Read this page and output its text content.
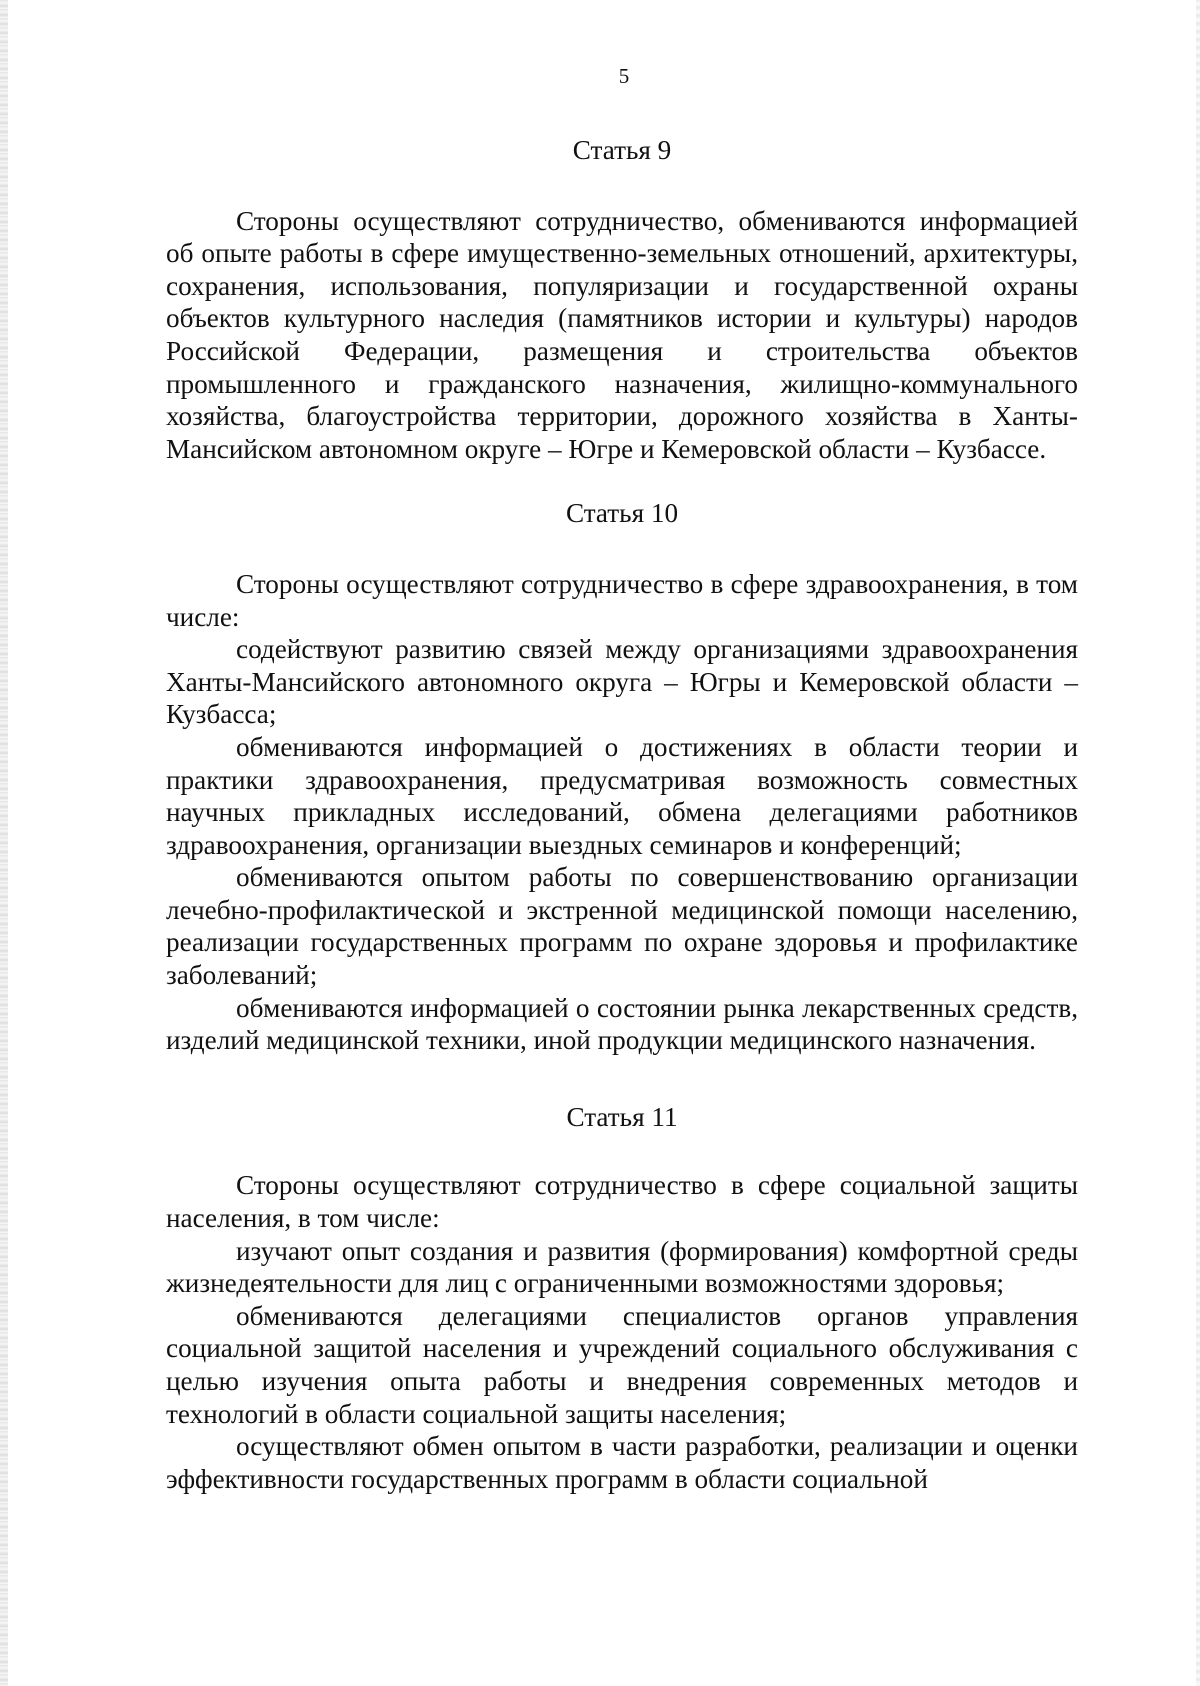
5
Статья 9

Стороны осуществляют сотрудничество, обмениваются информацией об опыте работы в сфере имущественно-земельных отношений, архитектуры, сохранения, использования, популяризации и государственной охраны объектов культурного наследия (памятников истории и культуры) народов Российской Федерации, размещения и строительства объектов промышленного и гражданского назначения, жилищно-коммунального хозяйства, благоустройства территории, дорожного хозяйства в Ханты-Мансийском автономном округе – Югре и Кемеровской области – Кузбассе.

Статья 10

Стороны осуществляют сотрудничество в сфере здравоохранения, в том числе:

содействуют развитию связей между организациями здравоохранения Ханты-Мансийского автономного округа – Югры и Кемеровской области – Кузбасса;

обмениваются информацией о достижениях в области теории и практики здравоохранения, предусматривая возможность совместных научных прикладных исследований, обмена делегациями работников здравоохранения, организации выездных семинаров и конференций;

обмениваются опытом работы по совершенствованию организации лечебно-профилактической и экстренной медицинской помощи населению, реализации государственных программ по охране здоровья и профилактике заболеваний;

обмениваются информацией о состоянии рынка лекарственных средств, изделий медицинской техники, иной продукции медицинского назначения.

Статья 11

Стороны осуществляют сотрудничество в сфере социальной защиты населения, в том числе:

изучают опыт создания и развития (формирования) комфортной среды жизнедеятельности для лиц с ограниченными возможностями здоровья;

обмениваются делегациями специалистов органов управления социальной защитой населения и учреждений социального обслуживания с целью изучения опыта работы и внедрения современных методов и технологий в области социальной защиты населения;

осуществляют обмен опытом в части разработки, реализации и оценки эффективности государственных программ в области социальной
